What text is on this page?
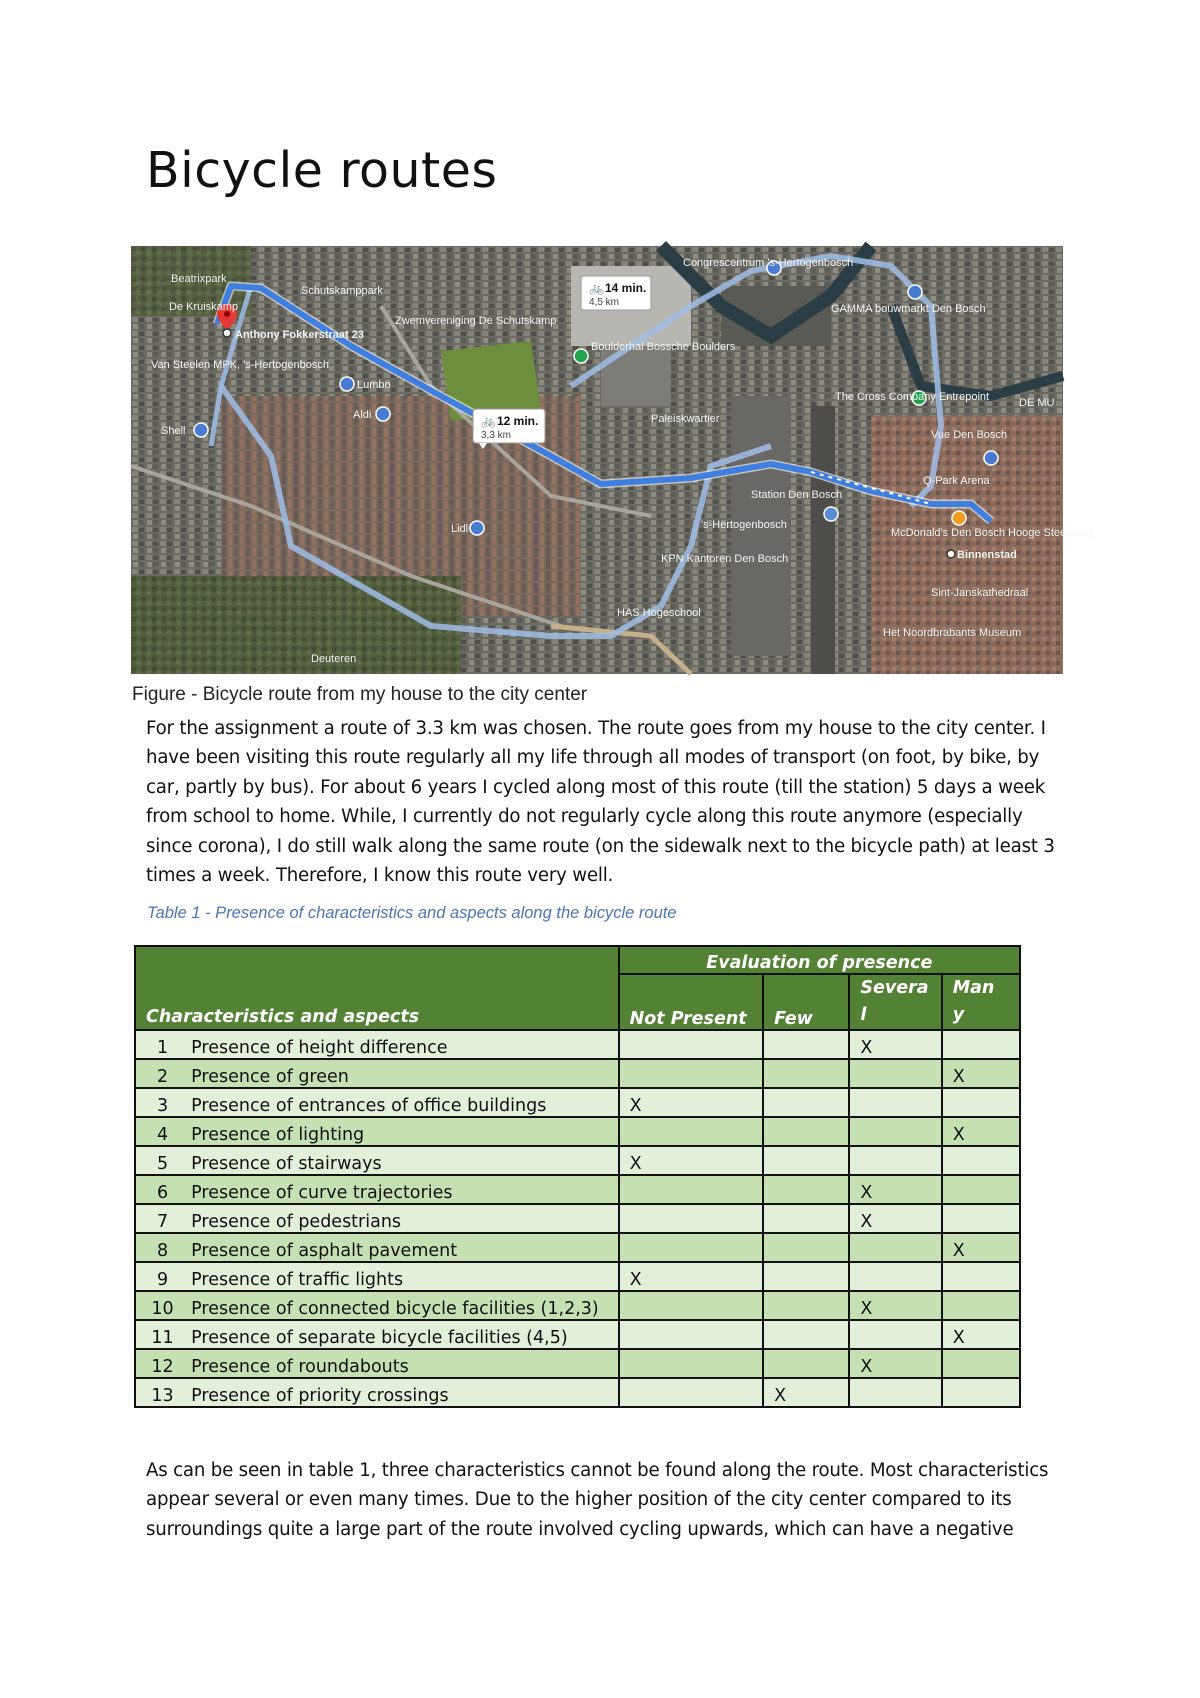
Bicycle routes
🚲 12 min.
3,3 km
🚲 14 min.
4,5 km
Beatrixpark
De Kruiskamp
Schutskamppark
Anthony Fokkerstraat 23
Zwemvereniging De Schutskamp
Van Steelen MPK, 's-Hertogenbosch
Lumbo
Aldi
Shell
Boulderhal Bossche Boulders
Paleiskwartier
Congrescentrum 's-Hertogenbosch
Station Den Bosch
's-Hertogenbosch
Lidl
KPN Kantoren Den Bosch
HAS Hogeschool
GAMMA bouwmarkt Den Bosch
The Cross Company Entrepoint
Vue Den Bosch
Q-Park Arena
McDonald's Den Bosch Hooge Steenweg
Binnenstad
Sint-Janskathedraal
Het Noordbrabants Museum
Deuteren
DE MU
Figure - Bicycle route from my house to the city center

For the assignment a route of 3.3 km was chosen. The route goes from my house to the city center. I have been visiting this route regularly all my life through all modes of transport (on foot, by bike, by car, partly by bus). For about 6 years I cycled along most of this route (till the station) 5 days a week from school to home. While, I currently do not regularly cycle along this route anymore (especially since corona), I do still walk along the same route (on the sidewalk next to the bicycle path) at least 3 times a week. Therefore, I know this route very well.

Table 1 - Presence of characteristics and aspects along the bicycle route
Characteristics and aspects		Evaluation of presence			
		Not Present	Few	Severa l	Man y

1	Presence of height difference			X	
2	Presence of green				X
3	Presence of entrances of office buildings	X			
4	Presence of lighting				X
5	Presence of stairways	X			
6	Presence of curve trajectories			X	
7	Presence of pedestrians			X	
8	Presence of asphalt pavement				X
9	Presence of traffic lights	X			
10	Presence of connected bicycle facilities (1,2,3)			X	
11	Presence of separate bicycle facilities (4,5)				X
12	Presence of roundabouts			X	
13	Presence of priority crossings		X		

As can be seen in table 1, three characteristics cannot be found along the route. Most characteristics appear several or even many times. Due to the higher position of the city center compared to its surroundings quite a large part of the route involved cycling upwards, which can have a negative
